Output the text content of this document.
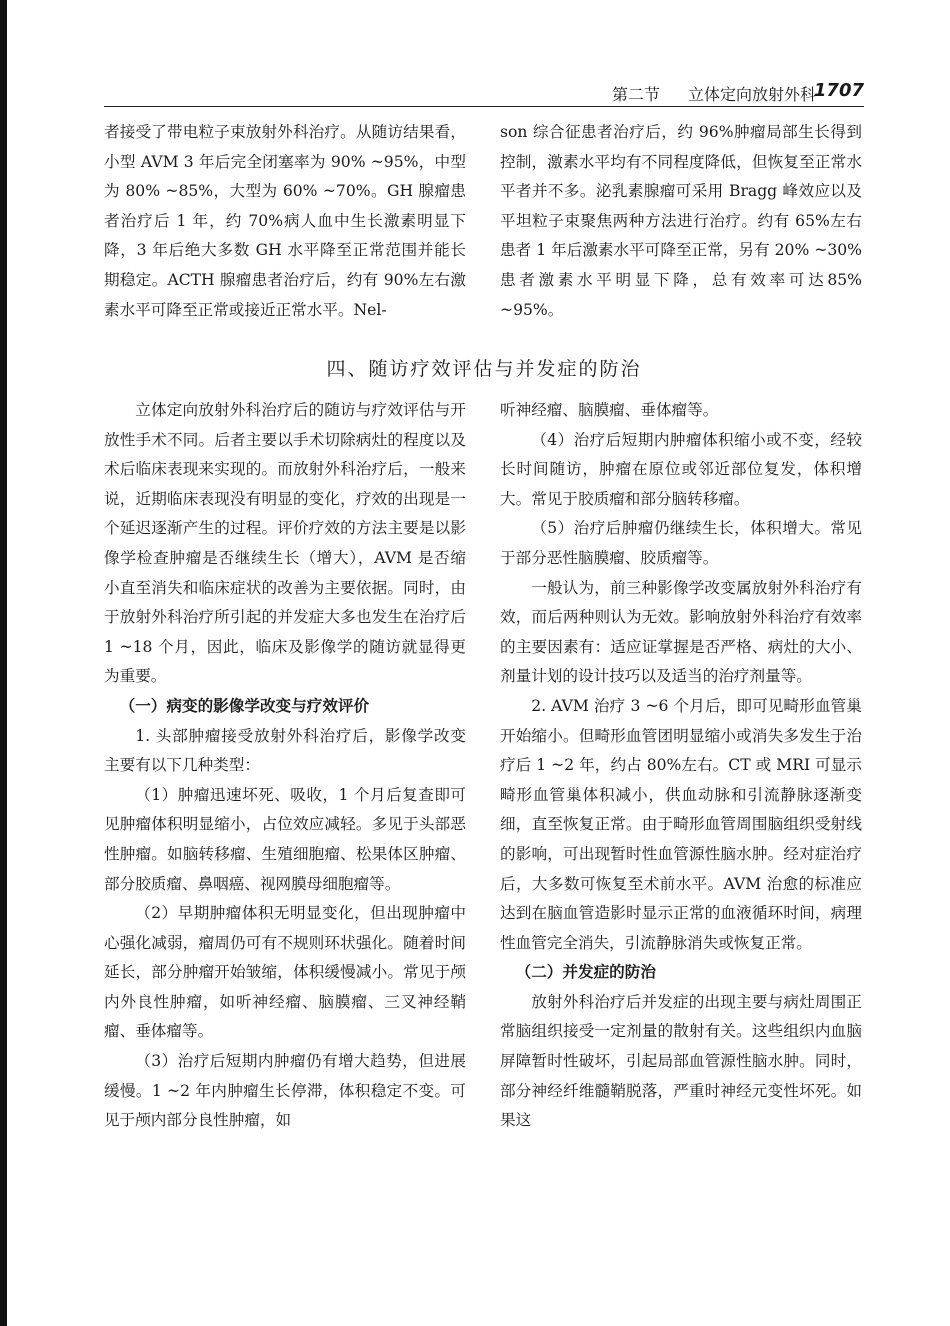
第二节 立体定向放射外科
1707

者接受了带电粒子束放射外科治疗。从随访结果看，小型 AVM 3 年后完全闭塞率为 90% ~95%，中型为 80% ~85%，大型为 60% ~70%。GH 腺瘤患者治疗后 1 年，约 70%病人血中生长激素明显下降，3 年后绝大多数 GH 水平降至正常范围并能长期稳定。ACTH 腺瘤患者治疗后，约有 90%左右激素水平可降至正常或接近正常水平。Nel-

son 综合征患者治疗后，约 96%肿瘤局部生长得到控制，激素水平均有不同程度降低，但恢复至正常水平者并不多。泌乳素腺瘤可采用 Bragg 峰效应以及平坦粒子束聚焦两种方法进行治疗。约有 65%左右患者 1 年后激素水平可降至正常，另有 20% ~30%患者激素水平明显下降，总有效率可达85% ~95%。

四、随访疗效评估与并发症的防治

立体定向放射外科治疗后的随访与疗效评估与开放性手术不同。后者主要以手术切除病灶的程度以及术后临床表现来实现的。而放射外科治疗后，一般来说，近期临床表现没有明显的变化，疗效的出现是一个延迟逐渐产生的过程。评价疗效的方法主要是以影像学检查肿瘤是否继续生长（增大），AVM 是否缩小直至消失和临床症状的改善为主要依据。同时，由于放射外科治疗所引起的并发症大多也发生在治疗后 1 ~18 个月，因此，临床及影像学的随访就显得更为重要。

（一）病变的影像学改变与疗效评价

1. 头部肿瘤接受放射外科治疗后，影像学改变主要有以下几种类型：

（1）肿瘤迅速坏死、吸收，1 个月后复查即可见肿瘤体积明显缩小，占位效应减轻。多见于头部恶性肿瘤。如脑转移瘤、生殖细胞瘤、松果体区肿瘤、部分胶质瘤、鼻咽癌、视网膜母细胞瘤等。

（2）早期肿瘤体积无明显变化，但出现肿瘤中心强化减弱，瘤周仍可有不规则环状强化。随着时间延长，部分肿瘤开始皱缩，体积缓慢减小。常见于颅内外良性肿瘤，如听神经瘤、脑膜瘤、三叉神经鞘瘤、垂体瘤等。

（3）治疗后短期内肿瘤仍有增大趋势，但进展缓慢。1 ~2 年内肿瘤生长停滞，体积稳定不变。可见于颅内部分良性肿瘤，如

听神经瘤、脑膜瘤、垂体瘤等。

（4）治疗后短期内肿瘤体积缩小或不变，经较长时间随访，肿瘤在原位或邻近部位复发，体积增大。常见于胶质瘤和部分脑转移瘤。

（5）治疗后肿瘤仍继续生长，体积增大。常见于部分恶性脑膜瘤、胶质瘤等。

一般认为，前三种影像学改变属放射外科治疗有效，而后两种则认为无效。影响放射外科治疗有效率的主要因素有：适应证掌握是否严格、病灶的大小、剂量计划的设计技巧以及适当的治疗剂量等。

2. AVM 治疗 3 ~6 个月后，即可见畸形血管巢开始缩小。但畸形血管团明显缩小或消失多发生于治疗后 1 ~2 年，约占 80%左右。CT 或 MRI 可显示畸形血管巢体积减小，供血动脉和引流静脉逐渐变细，直至恢复正常。由于畸形血管周围脑组织受射线的影响，可出现暂时性血管源性脑水肿。经对症治疗后，大多数可恢复至术前水平。AVM 治愈的标准应达到在脑血管造影时显示正常的血液循环时间，病理性血管完全消失，引流静脉消失或恢复正常。

（二）并发症的防治

放射外科治疗后并发症的出现主要与病灶周围正常脑组织接受一定剂量的散射有关。这些组织内血脑屏障暂时性破坏，引起局部血管源性脑水肿。同时，部分神经纤维髓鞘脱落，严重时神经元变性坏死。如果这
